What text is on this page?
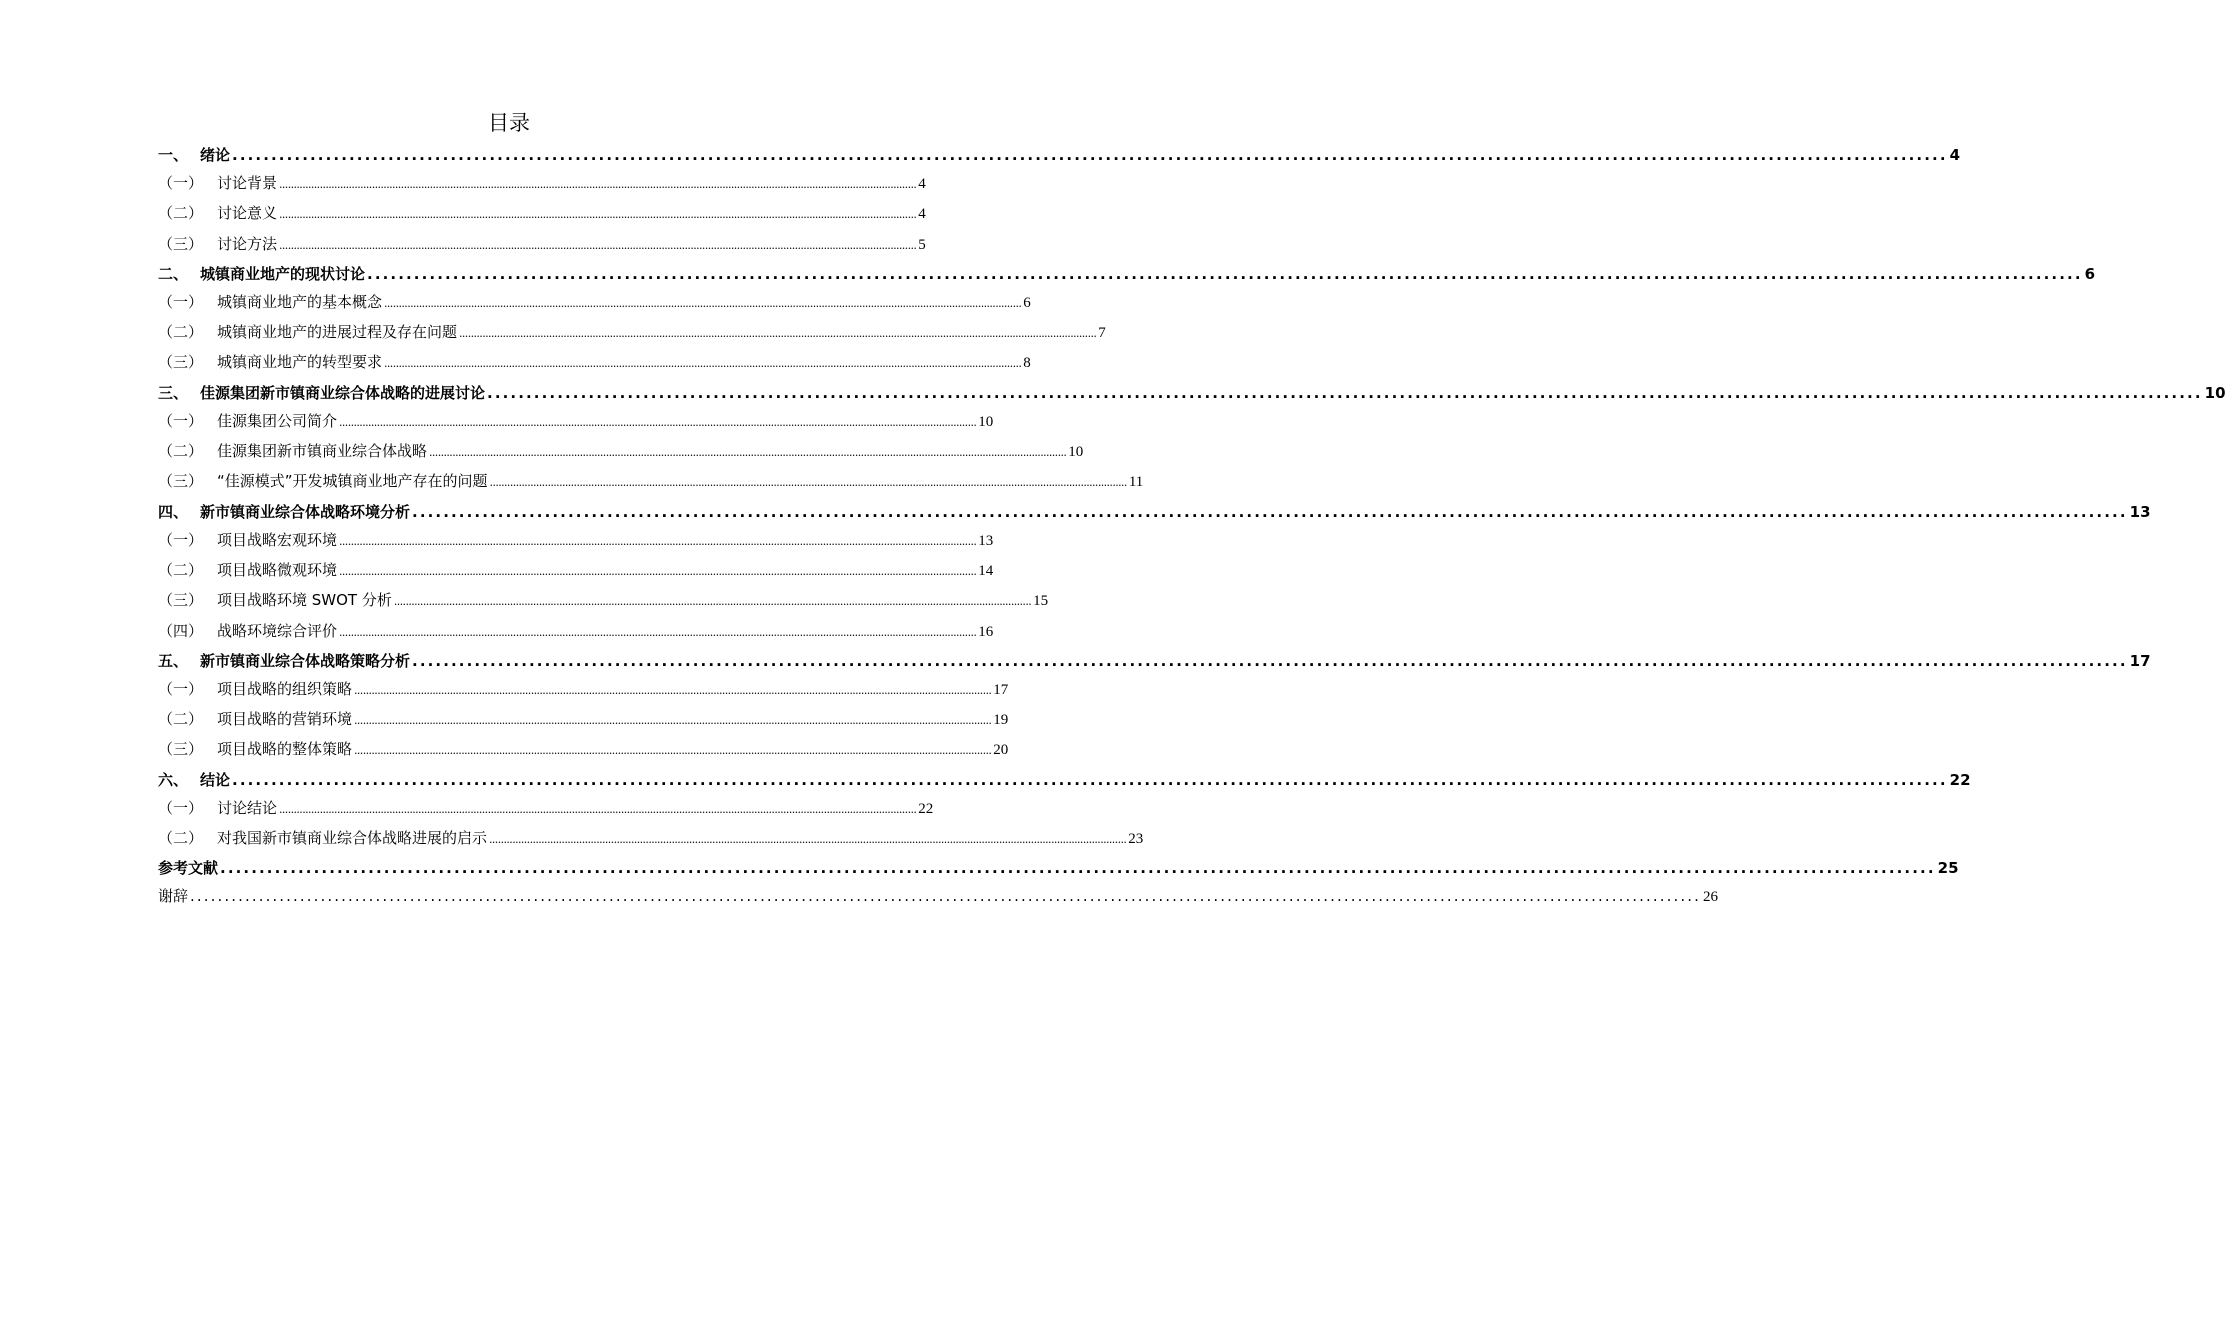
目录
一、 绪论 ............................................................................................................................................................................................................................ 4
（一） 讨论背景 ............................................................................................................................................................................................................................ 4
（二） 讨论意义 ............................................................................................................................................................................................................................ 4
（三） 讨论方法 ............................................................................................................................................................................................................................ 5
二、 城镇商业地产的现状讨论 ............................................................................................................................................................................................................................ 6
（一） 城镇商业地产的基本概念 ............................................................................................................................................................................................................................ 6
（二） 城镇商业地产的进展过程及存在问题 ............................................................................................................................................................................................................................ 7
（三） 城镇商业地产的转型要求 ............................................................................................................................................................................................................................ 8
三、 佳源集团新市镇商业综合体战略的进展讨论 ............................................................................................................................................................................................................................ 10
（一） 佳源集团公司简介 ............................................................................................................................................................................................................................ 10
（二） 佳源集团新市镇商业综合体战略 ............................................................................................................................................................................................................................ 10
（三） “佳源模式”开发城镇商业地产存在的问题 ............................................................................................................................................................................................................................ 11
四、 新市镇商业综合体战略环境分析 ............................................................................................................................................................................................................................ 13
（一） 项目战略宏观环境 ............................................................................................................................................................................................................................ 13
（二） 项目战略微观环境 ............................................................................................................................................................................................................................ 14
（三） 项目战略环境 SWOT 分析 ............................................................................................................................................................................................................................ 15
（四） 战略环境综合评价 ............................................................................................................................................................................................................................ 16
五、 新市镇商业综合体战略策略分析 ............................................................................................................................................................................................................................ 17
（一） 项目战略的组织策略 ............................................................................................................................................................................................................................ 17
（二） 项目战略的营销环境 ............................................................................................................................................................................................................................ 19
（三） 项目战略的整体策略 ............................................................................................................................................................................................................................ 20
六、 结论 ............................................................................................................................................................................................................................ 22
（一） 讨论结论 ............................................................................................................................................................................................................................ 22
（二） 对我国新市镇商业综合体战略进展的启示 ............................................................................................................................................................................................................................ 23
参考文献 ............................................................................................................................................................................................................................ 25
谢辞 ............................................................................................................................................................................................................................ 26
